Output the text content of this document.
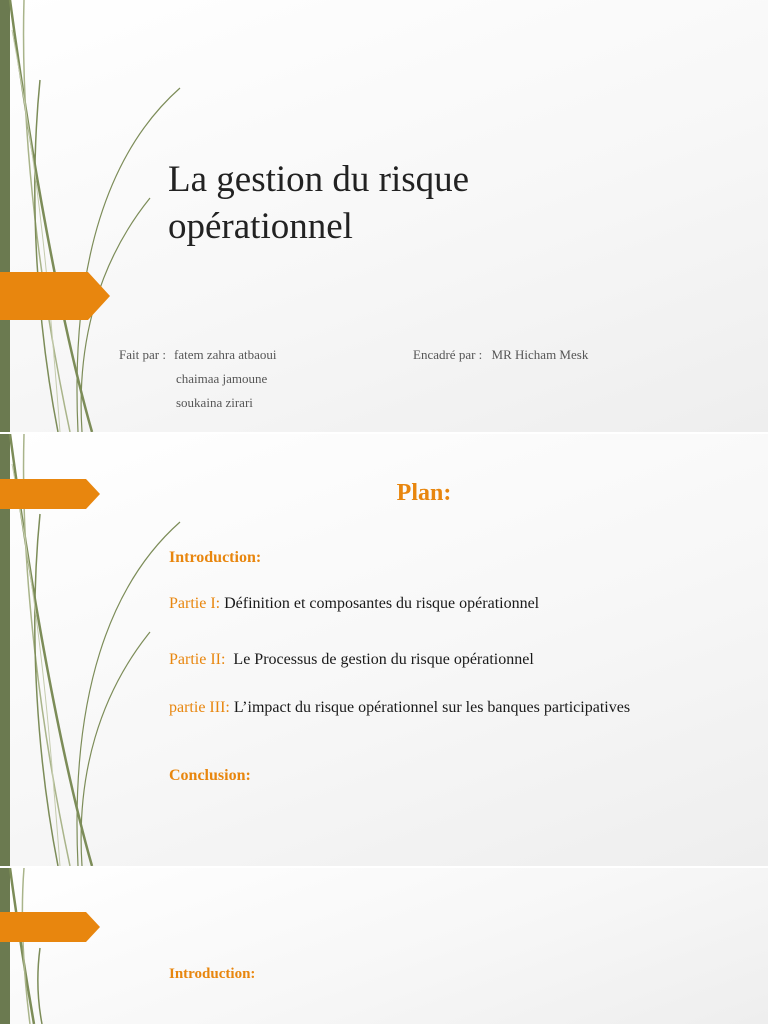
La gestion du risque
opérationnel
Fait par : fatem zahra atbaoui
chaimaa jamoune
soukaina zirari
Encadré par : MR Hicham Mesk
Plan:
Introduction:
Partie I: Définition et composantes du risque opérationnel
Partie II: Le Processus de gestion du risque opérationnel
partie III: L’impact du risque opérationnel sur les banques participatives
Conclusion:
Introduction:
